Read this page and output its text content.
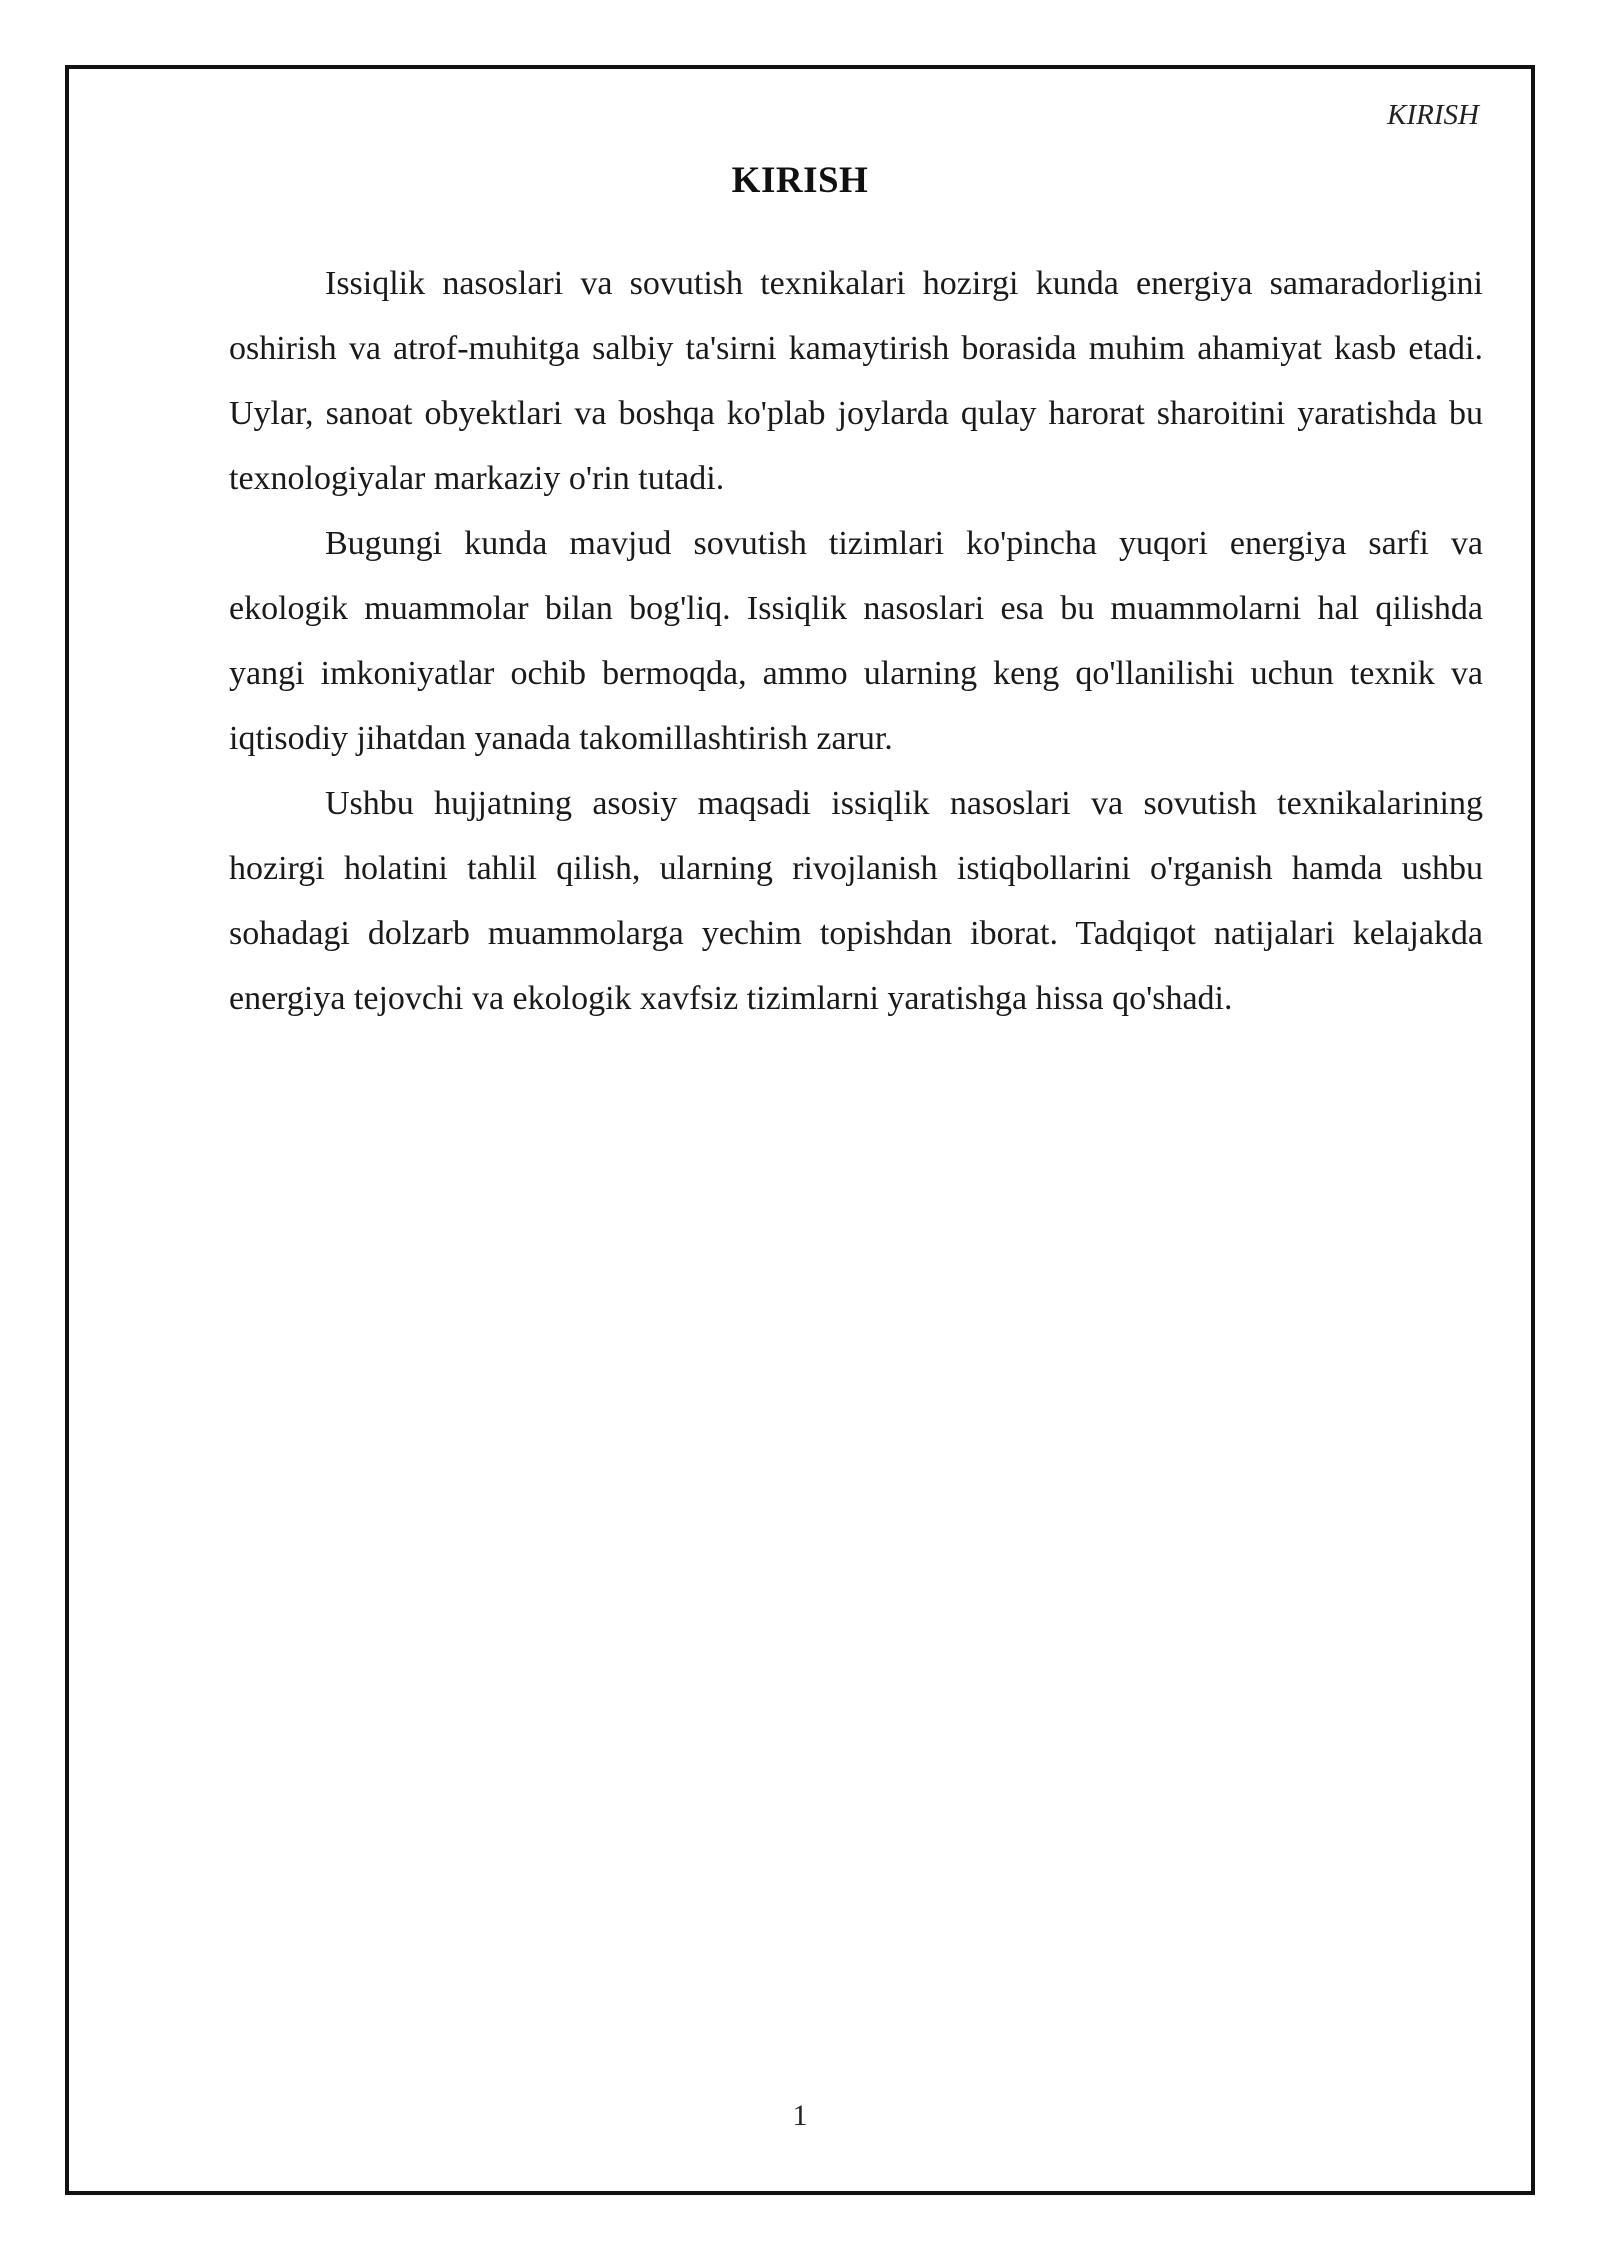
KIRISH
KIRISH

Issiqlik nasoslari va sovutish texnikalari hozirgi kunda energiya samaradorligini oshirish va atrof-muhitga salbiy ta'sirni kamaytirish borasida muhim ahamiyat kasb etadi. Uylar, sanoat obyektlari va boshqa ko'plab joylarda qulay harorat sharoitini yaratishda bu texnologiyalar markaziy o'rin tutadi.

Bugungi kunda mavjud sovutish tizimlari ko'pincha yuqori energiya sarfi va ekologik muammolar bilan bog'liq. Issiqlik nasoslari esa bu muammolarni hal qilishda yangi imkoniyatlar ochib bermoqda, ammo ularning keng qo'llanilishi uchun texnik va iqtisodiy jihatdan yanada takomillashtirish zarur.

Ushbu hujjatning asosiy maqsadi issiqlik nasoslari va sovutish texnikalarining hozirgi holatini tahlil qilish, ularning rivojlanish istiqbollarini o'rganish hamda ushbu sohadagi dolzarb muammolarga yechim topishdan iborat. Tadqiqot natijalari kelajakda energiya tejovchi va ekologik xavfsiz tizimlarni yaratishga hissa qo'shadi.

1
